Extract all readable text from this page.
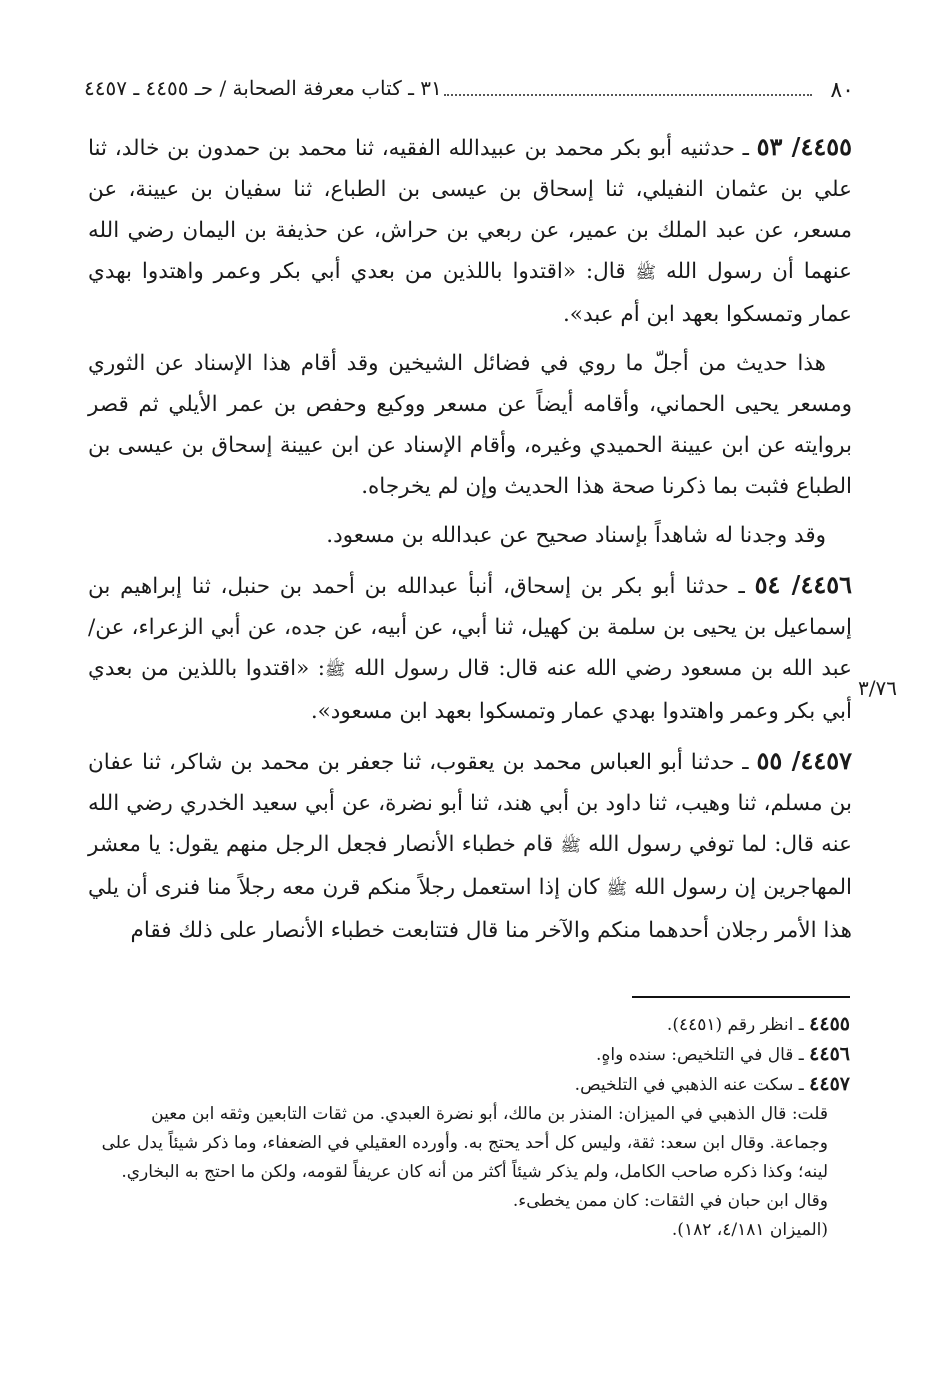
٨٠
٣١ ـ كتاب معرفة الصحابة / حـ ٤٤٥٥ ـ ٤٤٥٧
٣/٧٦

٤٤٥٥/ ٥٣ ـ حدثنيه أبو بكر محمد بن عبيدالله الفقيه، ثنا محمد بن حمدون بن خالد، ثنا علي بن عثمان النفيلي، ثنا إسحاق بن عيسى بن الطباع، ثنا سفيان بن عيينة، عن مسعر، عن عبد الملك بن عمير، عن ربعي بن حراش، عن حذيفة بن اليمان رضي الله عنهما أن رسول الله ﷺ قال: «اقتدوا باللذين من بعدي أبي بكر وعمر واهتدوا بهدي عمار وتمسكوا بعهد ابن أم عبد».

هذا حديث من أجلّ ما روي في فضائل الشيخين وقد أقام هذا الإسناد عن الثوري ومسعر يحيى الحماني، وأقامه أيضاً عن مسعر ووكيع وحفص بن عمر الأيلي ثم قصر بروايته عن ابن عيينة الحميدي وغيره، وأقام الإسناد عن ابن عيينة إسحاق بن عيسى بن الطباع فثبت بما ذكرنا صحة هذا الحديث وإن لم يخرجاه.

وقد وجدنا له شاهداً بإسناد صحيح عن عبدالله بن مسعود.

٤٤٥٦/ ٥٤ ـ حدثنا أبو بكر بن إسحاق، أنبأ عبدالله بن أحمد بن حنبل، ثنا إبراهيم بن إسماعيل بن يحيى بن سلمة بن كهيل، ثنا أبي، عن أبيه، عن جده، عن أبي الزعراء، عن/ عبد الله بن مسعود رضي الله عنه قال: قال رسول الله ﷺ: «اقتدوا باللذين من بعدي أبي بكر وعمر واهتدوا بهدي عمار وتمسكوا بعهد ابن مسعود».

٤٤٥٧/ ٥٥ ـ حدثنا أبو العباس محمد بن يعقوب، ثنا جعفر بن محمد بن شاكر، ثنا عفان بن مسلم، ثنا وهيب، ثنا داود بن أبي هند، ثنا أبو نضرة، عن أبي سعيد الخدري رضي الله عنه قال: لما توفي رسول الله ﷺ قام خطباء الأنصار فجعل الرجل منهم يقول: يا معشر المهاجرين إن رسول الله ﷺ كان إذا استعمل رجلاً منكم قرن معه رجلاً منا فنرى أن يلي هذا الأمر رجلان أحدهما منكم والآخر منا قال فتتابعت خطباء الأنصار على ذلك فقام

٤٤٥٥ ـ انظر رقم (٤٤٥١).

٤٤٥٦ ـ قال في التلخيص: سنده واهٍ.

٤٤٥٧ ـ سكت عنه الذهبي في التلخيص.

قلت: قال الذهبي في الميزان: المنذر بن مالك، أبو نضرة العبدي. من ثقات التابعين وثقه ابن معين وجماعة. وقال ابن سعد: ثقة، وليس كل أحد يحتج به. وأورده العقيلي في الضعفاء، وما ذكر شيئاً يدل على لينه؛ وكذا ذكره صاحب الكامل، ولم يذكر شيئاً أكثر من أنه كان عريفاً لقومه، ولكن ما احتج به البخاري. وقال ابن حبان في الثقات: كان ممن يخطىء.

(الميزان ٤/١٨١، ١٨٢).
